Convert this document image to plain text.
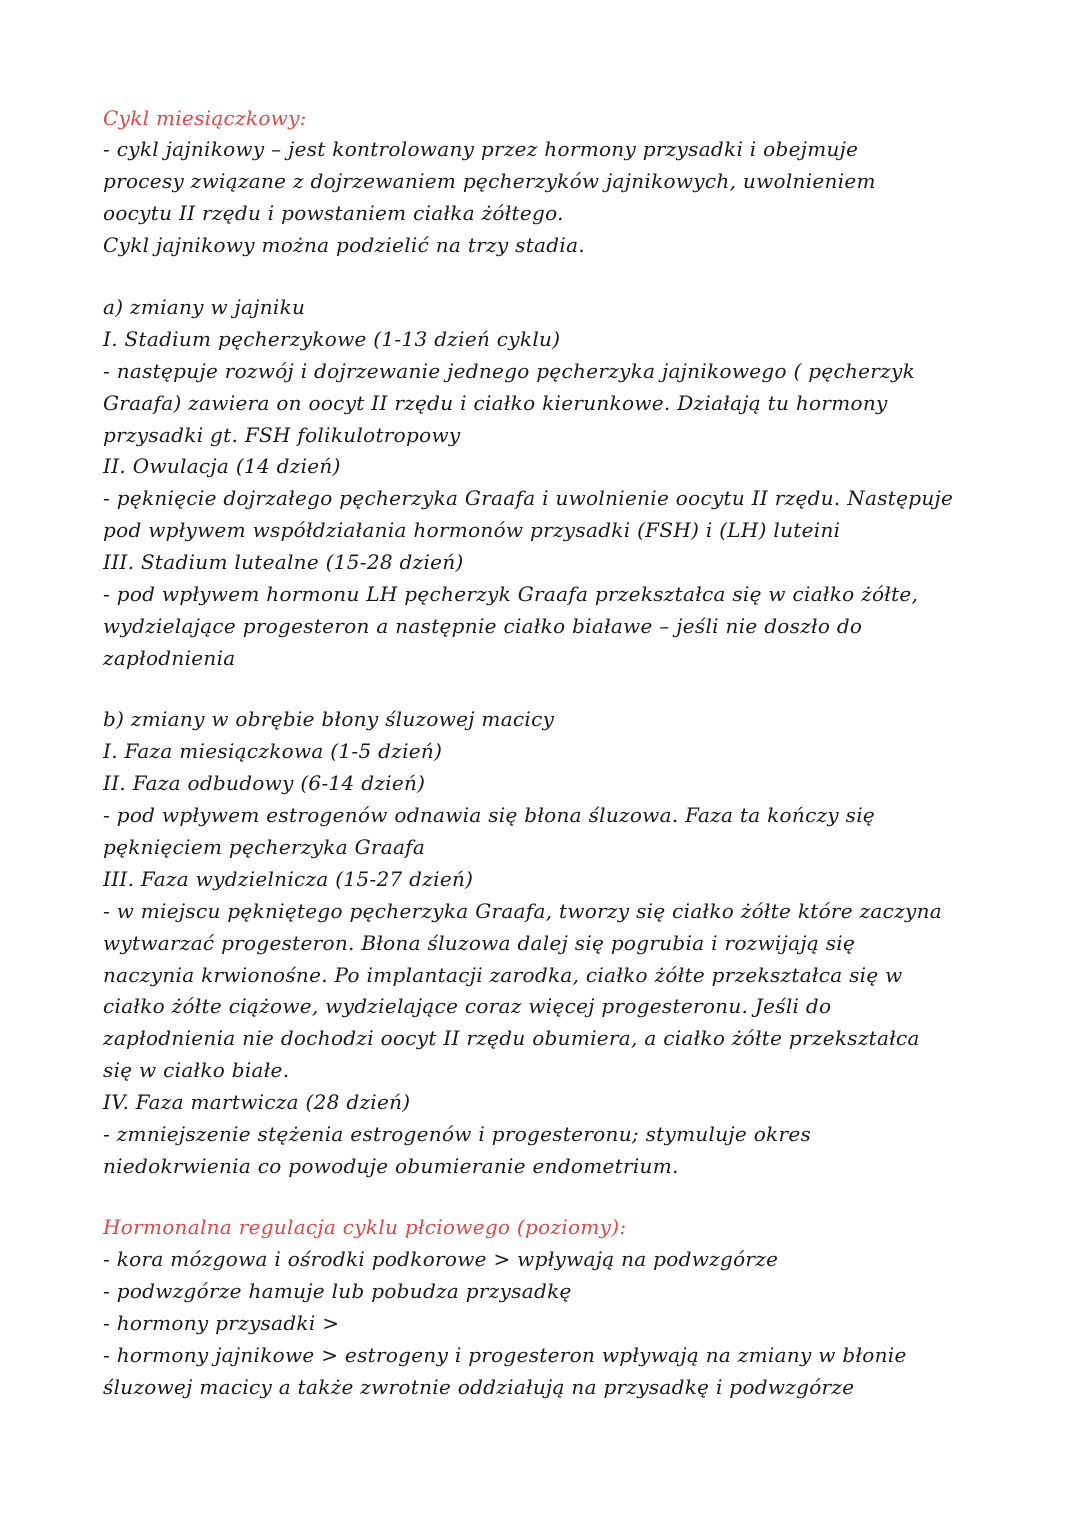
Cykl miesiączkowy:
- cykl jajnikowy – jest kontrolowany przez hormony przysadki i obejmuje
procesy związane z dojrzewaniem pęcherzyków jajnikowych, uwolnieniem
oocytu II rzędu i powstaniem ciałka żółtego.
Cykl jajnikowy można podzielić na trzy stadia.
a) zmiany w jajniku
I. Stadium pęcherzykowe (1-13 dzień cyklu)
- następuje rozwój i dojrzewanie jednego pęcherzyka jajnikowego ( pęcherzyk
Graafa) zawiera on oocyt II rzędu i ciałko kierunkowe. Działają tu hormony
przysadki gt. FSH folikulotropowy
II. Owulacja (14 dzień)
- pęknięcie dojrzałego pęcherzyka Graafa i uwolnienie oocytu II rzędu. Następuje
pod wpływem współdziałania hormonów przysadki (FSH) i (LH) luteini
III. Stadium lutealne (15-28 dzień)
- pod wpływem hormonu LH pęcherzyk Graafa przekształca się w ciałko żółte,
wydzielające progesteron a następnie ciałko białawe – jeśli nie doszło do
zapłodnienia
b) zmiany w obrębie błony śluzowej macicy
I. Faza miesiączkowa (1-5 dzień)
II. Faza odbudowy (6-14 dzień)
- pod wpływem estrogenów odnawia się błona śluzowa. Faza ta kończy się
pęknięciem pęcherzyka Graafa
III. Faza wydzielnicza (15-27 dzień)
- w miejscu pękniętego pęcherzyka Graafa, tworzy się ciałko żółte które zaczyna
wytwarzać progesteron. Błona śluzowa dalej się pogrubia i rozwijają się
naczynia krwionośne. Po implantacji zarodka, ciałko żółte przekształca się w
ciałko żółte ciążowe, wydzielające coraz więcej progesteronu. Jeśli do
zapłodnienia nie dochodzi oocyt II rzędu obumiera, a ciałko żółte przekształca
się w ciałko białe.
IV. Faza martwicza (28 dzień)
- zmniejszenie stężenia estrogenów i progesteronu; stymuluje okres
niedokrwienia co powoduje obumieranie endometrium.
Hormonalna regulacja cyklu płciowego (poziomy):
- kora mózgowa i ośrodki podkorowe > wpływają na podwzgórze
- podwzgórze hamuje lub pobudza przysadkę
- hormony przysadki >
- hormony jajnikowe > estrogeny i progesteron wpływają na zmiany w błonie
śluzowej macicy a także zwrotnie oddziałują na przysadkę i podwzgórze
